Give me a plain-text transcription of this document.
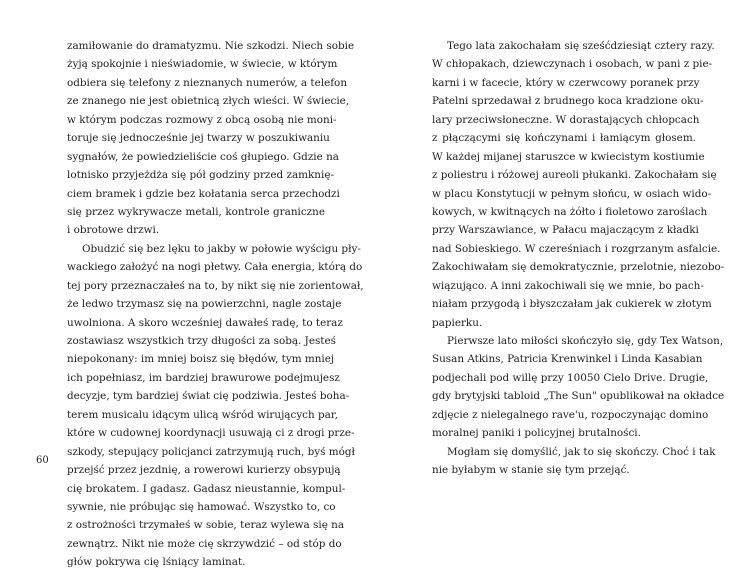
60
zamiłowanie do dramatyzmu. Nie szkodzi. Niech sobie
żyją spokojnie i nieświadomie, w świecie, w którym
odbiera się telefony z nieznanych numerów, a telefon
ze znanego nie jest obietnicą złych wieści. W świecie,
w którym podczas rozmowy z obcą osobą nie moni-
toruje się jednocześnie jej twarzy w poszukiwaniu
sygnałów, że powiedzieliście coś głupiego. Gdzie na
lotnisko przyjeżdża się pół godziny przed zamknię-
ciem bramek i gdzie bez kołatania serca przechodzi
się przez wykrywacze metali, kontrole graniczne
i obrotowe drzwi.
Obudzić się bez lęku to jakby w połowie wyścigu pły-
wackiego założyć na nogi płetwy. Cała energia, którą do
tej pory przeznaczałeś na to, by nikt się nie zorientował,
że ledwo trzymasz się na powierzchni, nagle zostaje
uwolniona. A skoro wcześniej dawałeś radę, to teraz
zostawiasz wszystkich trzy długości za sobą. Jesteś
niepokonany: im mniej boisz się błędów, tym mniej
ich popełniasz, im bardziej brawurowe podejmujesz
decyzje, tym bardziej świat cię podziwia. Jesteś boha-
terem musicalu idącym ulicą wśród wirujących par,
które w cudownej koordynacji usuwają ci z drogi prze-
szkody, stepujący policjanci zatrzymują ruch, byś mógł
przejść przez jezdnię, a rowerowi kurierzy obsypują
cię brokatem. I gadasz. Gadasz nieustannie, kompul-
sywnie, nie próbując się hamować. Wszystko to, co
z ostrożności trzymałeś w sobie, teraz wylewa się na
zewnątrz. Nikt nie może cię skrzywdzić – od stóp do
głów pokrywa cię lśniący laminat.
Tego lata zakochałam się sześćdziesiąt cztery razy.
W chłopakach, dziewczynach i osobach, w pani z pie-
karni i w facecie, który w czerwcowy poranek przy
Patelni sprzedawał z brudnego koca kradzione oku-
lary przeciwsłoneczne. W dorastających chłopcach
z płączącymi się kończynami i łamiącym głosem.
W każdej mijanej staruszce w kwiecistym kostiumie
z poliestru i różowej aureoli płukanki. Zakochałam się
w placu Konstytucji w pełnym słońcu, w osiach wido-
kowych, w kwitnących na żółto i fioletowo zaroślach
przy Warszawiance, w Pałacu majaczącym z kładki
nad Sobieskiego. W czereśniach i rozgrzanym asfalcie.
Zakochiwałam się demokratycznie, przelotnie, niezobo-
wiązująco. A inni zakochiwali się we mnie, bo pach-
niałam przygodą i błyszczałam jak cukierek w złotym
papierku.
Pierwsze lato miłości skończyło się, gdy Tex Watson,
Susan Atkins, Patricia Krenwinkel i Linda Kasabian
podjechali pod willę przy 10050 Cielo Drive. Drugie,
gdy brytyjski tabloid „The Sun" opublikował na okładce
zdjęcie z nielegalnego rave'u, rozpoczynając domino
moralnej paniki i policyjnej brutalności.
Mogłam się domyślić, jak to się skończy. Choć i tak
nie byłabym w stanie się tym przejąć.
